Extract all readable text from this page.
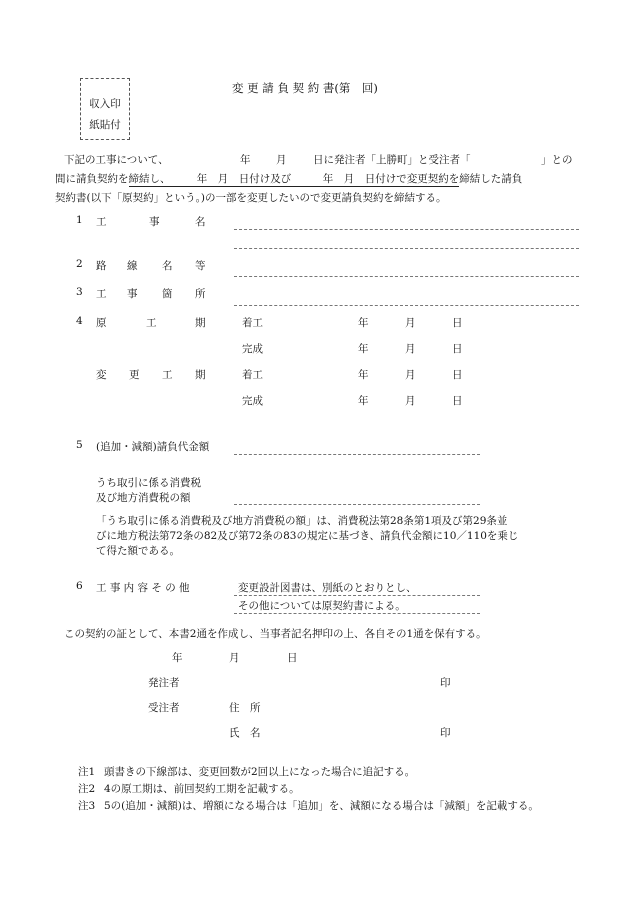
収入印
紙貼付
変 更 請 負 契 約 書(第　回)
下記の工事について、	年 月	日に発注者「上勝町」と受注者「	」との
間に請負契約を締結し、　　　年　月　日付け及び　　　年　月　日付けで変更契約を締結した請負
契約書(以下「原契約」という。)の一部を変更したいので変更請負契約を締結する。
1 工	事	名
2 路 線 名 等
3 工 事 箇 所
4 原	工	期	着工	年	月	日
完成	年	月	日
変 更 工 期	着工	年	月	日
完成	年	月	日
5 (追加・減額)請負代金額
うち取引に係る消費税
及び地方消費税の額
「うち取引に係る消費税及び地方消費税の額」は、消費税法第28条第1項及び第29条並
びに地方税法第72条の82及び第72条の83の規定に基づき、請負代金額に10／110を乗じ
て得た額である。
6 工 事 内 容 そ の 他	変更設計図書は、別紙のとおりとし、
その他については原契約書による。
この契約の証として、本書2通を作成し、当事者記名押印の上、各自その1通を保有する。
年	月	日
発注者	印
受注者	住　所
氏　名	印
注1 頭書きの下線部は、変更回数が2回以上になった場合に追記する。
注2 4の原工期は、前回契約工期を記載する。
注3 5の(追加・減額)は、増額になる場合は「追加」を、減額になる場合は「減額」を記載する。
